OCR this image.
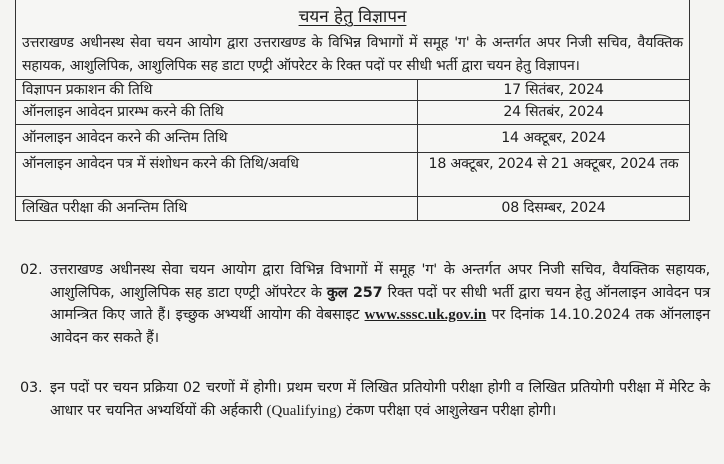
चयन हेतु विज्ञापन
उत्तराखण्ड अधीनस्थ सेवा चयन आयोग द्वारा उत्तराखण्ड के विभिन्न विभागों में समूह 'ग' के अन्तर्गत अपर निजी सचिव, वैयक्तिक सहायक, आशुलिपिक, आशुलिपिक सह डाटा एण्ट्री ऑपरेटर के रिक्त पदों पर सीधी भर्ती द्वारा चयन हेतु विज्ञापन।
विज्ञापन प्रकाशन की तिथि	17 सितंबर, 2024
ऑनलाइन आवेदन प्रारम्भ करने की तिथि	24 सितबंर, 2024
ऑनलाइन आवेदन करने की अन्तिम तिथि	14 अक्टूबर, 2024
ऑनलाइन आवेदन पत्र में संशोधन करने की तिथि/अवधि	18 अक्टूबर, 2024 से 21 अक्टूबर, 2024 तक
लिखित परीक्षा की अनन्तिम तिथि	08 दिसम्बर, 2024
02. उत्तराखण्ड अधीनस्थ सेवा चयन आयोग द्वारा विभिन्न विभागों में समूह 'ग' के अन्तर्गत अपर निजी सचिव, वैयक्तिक सहायक, आशुलिपिक, आशुलिपिक सह डाटा एण्ट्री ऑपरेटर के कुल 257 रिक्त पदों पर सीधी भर्ती द्वारा चयन हेतु ऑनलाइन आवेदन पत्र आमन्त्रित किए जाते हैं। इच्छुक अभ्यर्थी आयोग की वेबसाइट www.sssc.uk.gov.in पर दिनांक 14.10.2024 तक ऑनलाइन आवेदन कर सकते हैं।
03. इन पदों पर चयन प्रक्रिया 02 चरणों में होगी। प्रथम चरण में लिखित प्रतियोगी परीक्षा होगी व लिखित प्रतियोगी परीक्षा में मेरिट के आधार पर चयनित अभ्यर्थियों की अर्हकारी (Qualifying) टंकण परीक्षा एवं आशुलेखन परीक्षा होगी।
